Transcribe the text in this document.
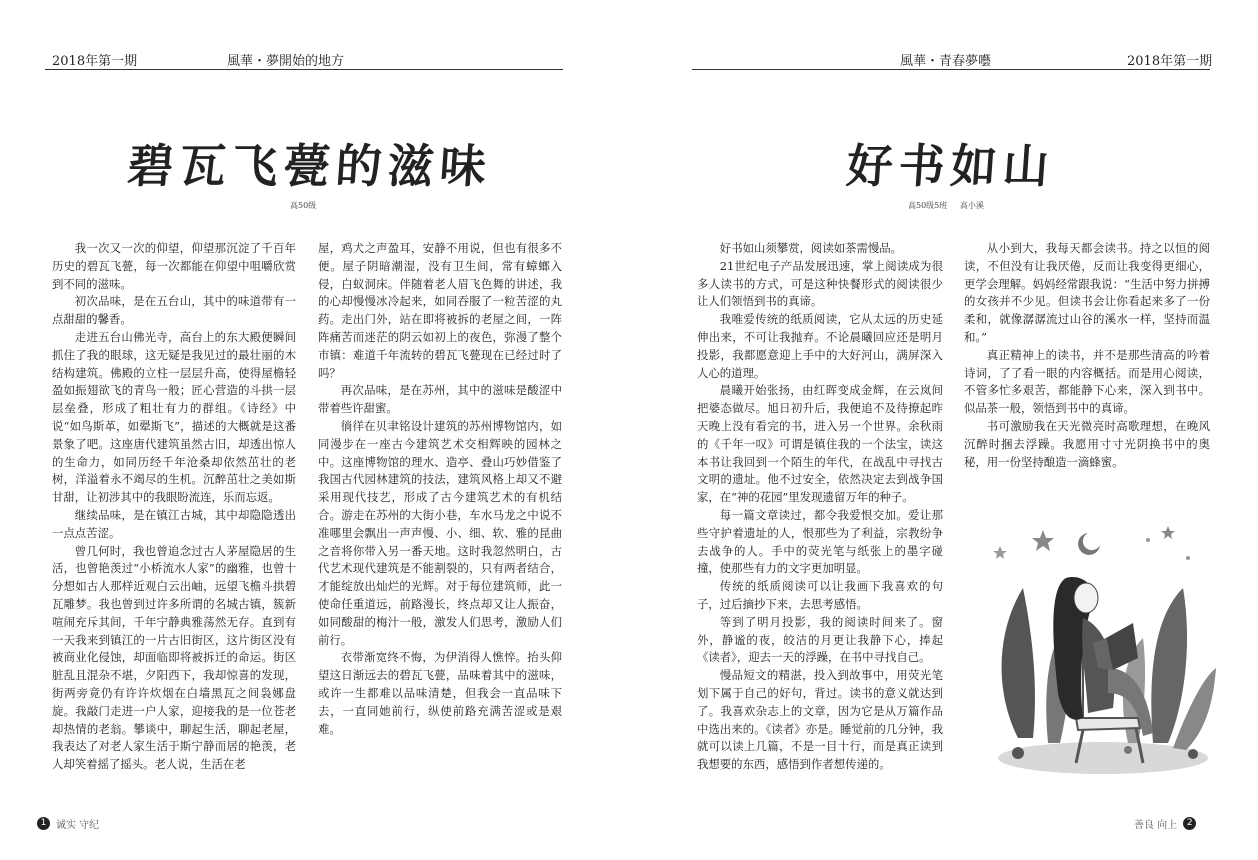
2018年第一期	風華・夢開始的地方
碧瓦飞甍的滋味
高50级

我一次又一次的仰望，仰望那沉淀了千百年历史的碧瓦飞甍，每一次都能在仰望中咀嚼欣赏到不同的滋味。

初次品味，是在五台山，其中的味道带有一点甜甜的馨香。

走进五台山佛光寺，高台上的东大殿便瞬间抓住了我的眼球，这无疑是我见过的最壮丽的木结构建筑。佛殿的立柱一层层升高，使得屋檐轻盈如振翅欲飞的青鸟一般；匠心营造的斗拱一层层垒叠，形成了粗壮有力的群组。《诗经》中说“如鸟斯革，如翚斯飞”，描述的大概就是这番景象了吧。这座唐代建筑虽然古旧，却透出惊人的生命力，如同历经千年沧桑却依然茁壮的老树，洋溢着永不竭尽的生机。沉醉茁壮之美如斯甘甜，让初涉其中的我眼盼流连，乐而忘返。

继续品味，是在镇江古城，其中却隐隐透出一点点苦涩。

曾几何时，我也曾追念过古人茅屋隐居的生活，也曾艳羡过“小桥流水人家”的幽雅，也曾十分想如古人那样近观白云出岫，远望飞檐斗拱碧瓦雕梦。我也曾到过许多所谓的名城古镇，簇新喧闹充斥其间，千年宁静典雅荡然无存。直到有一天我来到镇江的一片古旧街区，这片街区没有被商业化侵蚀，却面临即将被拆迁的命运。街区脏乱且混杂不堪，夕阳西下，我却惊喜的发现，街两旁竟仍有许许炊烟在白墙黑瓦之间袅娜盘旋。我敲门走进一户人家，迎接我的是一位苍老却热情的老翁。攀谈中，聊起生活，聊起老屋，我表达了对老人家生活于斯宁静而居的艳羡，老人却笑着摇了摇头。老人说，生活在老

屋，鸡犬之声盈耳，安静不用说，但也有很多不便。屋子阴暗潮湿，没有卫生间，常有蟑螂入侵，白蚁洞床。伴随着老人眉飞色舞的讲述，我的心却慢慢冰冷起来，如同吞服了一粒苦涩的丸药。走出门外，站在即将被拆的老屋之间，一阵阵痛苦而迷茫的阴云如初上的夜色，弥漫了整个市镇：难道千年流转的碧瓦飞甍现在已经过时了吗？

再次品味，是在苏州，其中的滋味是酸涩中带着些许甜蜜。

徜徉在贝聿铭设计建筑的苏州博物馆内，如同漫步在一座古今建筑艺术交相辉映的园林之中。这座博物馆的理水、造亭、叠山巧妙借鉴了我国古代园林建筑的技法，建筑风格上却又不避采用现代技艺，形成了古今建筑艺术的有机结合。游走在苏州的大街小巷，车水马龙之中说不准哪里会飘出一声声慢、小、细、软、雅的昆曲之音将你带入另一番天地。这时我忽然明白，古代艺术现代建筑是不能割裂的，只有两者结合，才能绽放出灿烂的光辉。对于每位建筑师，此一使命任重道远，前路漫长，终点却又让人振奋，如同酸甜的梅汁一般，激发人们思考，激励人们前行。

衣带渐宽终不悔，为伊消得人憔悴。抬头仰望这日渐远去的碧瓦飞甍，品味着其中的滋味，或许一生都难以品味清楚，但我会一直品味下去，一直同她前行，纵使前路充满苦涩或是艰难。

1 诚实 守纪
風華・青春夢囈	2018年第一期
好书如山
高50级5班 高小溪

好书如山须攀赏，阅读如茶需慢品。

21世纪电子产品发展迅速，掌上阅读成为很多人读书的方式，可是这种快餐形式的阅读很少让人们领悟到书的真谛。

我唯爱传统的纸质阅读，它从太远的历史延伸出来，不可让我抛弃。不论晨曦回应还是明月投影，我都愿意迎上手中的大好河山，满屏深入人心的道理。

晨曦开始张扬，由红晖变成金辉，在云岚间把婆态做尽。旭日初升后，我便追不及待撩起昨天晚上没有看完的书，进入另一个世界。余秋雨的《千年一叹》可谓是镇住我的一个法宝，读这本书让我回到一个陌生的年代，在战乱中寻找古文明的遗址。他不过安全，依然决定去到战争国家，在“神的花园”里发现遗留万年的种子。

每一篇文章读过，都令我爱恨交加。爱让那些守护着遗址的人，恨那些为了利益，宗教纷争去战争的人。手中的荧光笔与纸张上的墨字碰撞，使那些有力的文字更加明显。

传统的纸质阅读可以让我画下我喜欢的句子，过后摘抄下来，去思考感悟。

等到了明月投影，我的阅读时间来了。窗外，静谧的夜，皎洁的月更让我静下心，捧起《读者》，迎去一天的浮躁，在书中寻找自己。

慢品短文的精湛，投入到故事中，用荧光笔划下属于自己的好句，背过。读书的意义就达到了。我喜欢杂志上的文章，因为它是从万篇作品中选出来的。《读者》亦是。睡觉前的几分钟，我就可以读上几篇，不是一目十行，而是真正读到我想要的东西，感悟到作者想传递的。

从小到大，我每天都会读书。持之以恒的阅读，不但没有让我厌倦，反而让我变得更细心，更学会理解。妈妈经常跟我说：“生活中努力拼搏的女孩并不少见。但读书会让你看起来多了一份柔和，就像潺潺流过山谷的溪水一样，坚持而温和。”

真正精神上的读书，并不是那些清高的吟着诗词，了了看一眼的内容概括。而是用心阅读，不管多忙多艰苦，都能静下心来，深入到书中。似品茶一般，领悟到书中的真谛。

书可激励我在天光微亮时高歌理想，在晚风沉醉时捆去浮躁。我愿用寸寸光阴换书中的奥秘，用一份坚持酿造一滴蜂蜜。

善良 向上	2
